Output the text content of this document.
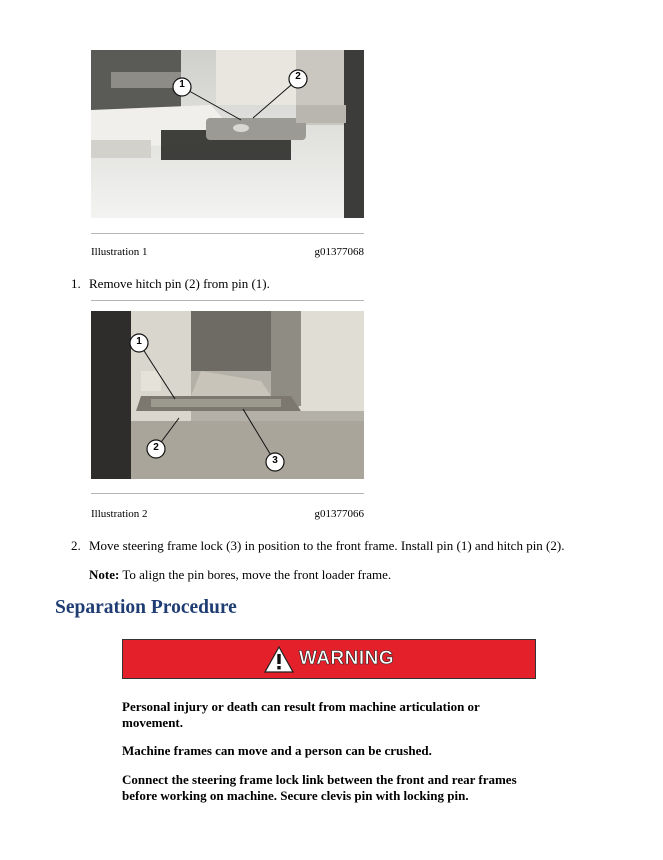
1
2
Illustration 1	g01377068
1. Remove hitch pin (2) from pin (1).
1
2
3
Illustration 2	g01377066
2. Move steering frame lock (3) in position to the front frame. Install pin (1) and hitch pin (2).
Note: To align the pin bores, move the front loader frame.
Separation Procedure
WARNING
Personal injury or death can result from machine articulation or movement.
Machine frames can move and a person can be crushed.
Connect the steering frame lock link between the front and rear frames before working on machine. Secure clevis pin with locking pin.
